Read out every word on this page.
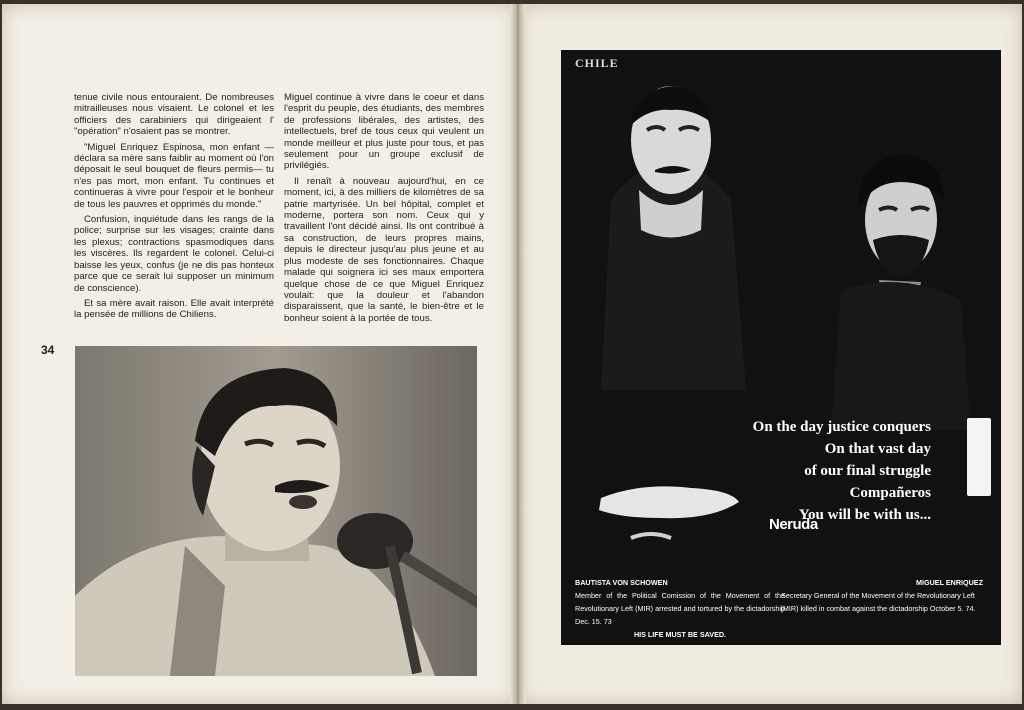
tenue civile nous entouraient. De nombreuses mitrailleuses nous visaient. Le colonel et les officiers des carabiniers qui dirigeaient l' "opération" n'osaient pas se montrer.

"Miguel Enriquez Espinosa, mon enfant —déclara sa mère sans faiblir au moment où l'on déposait le seul bouquet de fleurs permis— tu n'es pas mort, mon enfant. Tu continues et continueras à vivre pour l'espoir et le bonheur de tous les pauvres et opprimés du monde."

Confusion, inquiétude dans les rangs de la police; surprise sur les visages; crainte dans les plexus; contractions spasmodiques dans les viscères. Ils regardent le colonel. Celui-ci baisse les yeux, confus (je ne dis pas honteux parce que ce serait lui supposer un minimum de conscience).

Et sa mère avait raison. Elle avait interprété la pensée de millions de Chiliens.

Miguel continue à vivre dans le coeur et dans l'esprit du peuple, des étudiants, des membres de professions libérales, des artistes, des intellectuels, bref de tous ceux qui veulent un monde meilleur et plus juste pour tous, et pas seulement pour un groupe exclusif de privilégiés.

Il renaît à nouveau aujourd'hui, en ce moment, ici, à des milliers de kilomètres de sa patrie martyrisée. Un bel hôpital, complet et moderne, portera son nom. Ceux qui y travaillent l'ont décidé ainsi. Ils ont contribué à sa construction, de leurs propres mains, depuis le directeur jusqu'au plus jeune et au plus modeste de ses fonctionnaires. Chaque malade qui soignera ici ses maux emportera quelque chose de ce que Miguel Enriquez voulait: que la douleur et l'abandon disparaissent, que la santé, le bien-être et le bonheur soient à la portée de tous.

34
CHILE
On the day justice conquers
On that vast day
of our final struggle
Compañeros
You will be with us...
Neruda
BAUTISTA VON SCHOWEN
Member of the Political Comission of the Movement of the Revolutionary Left (MIR) arrested and tortured by the dictadorship Dec. 15. 73
HIS LIFE MUST BE SAVED.
MIGUEL ENRIQUEZ
Secretary General of the Movement of the Revolutionary Left (MIR) killed in combat against the dictadorship October 5. 74.
